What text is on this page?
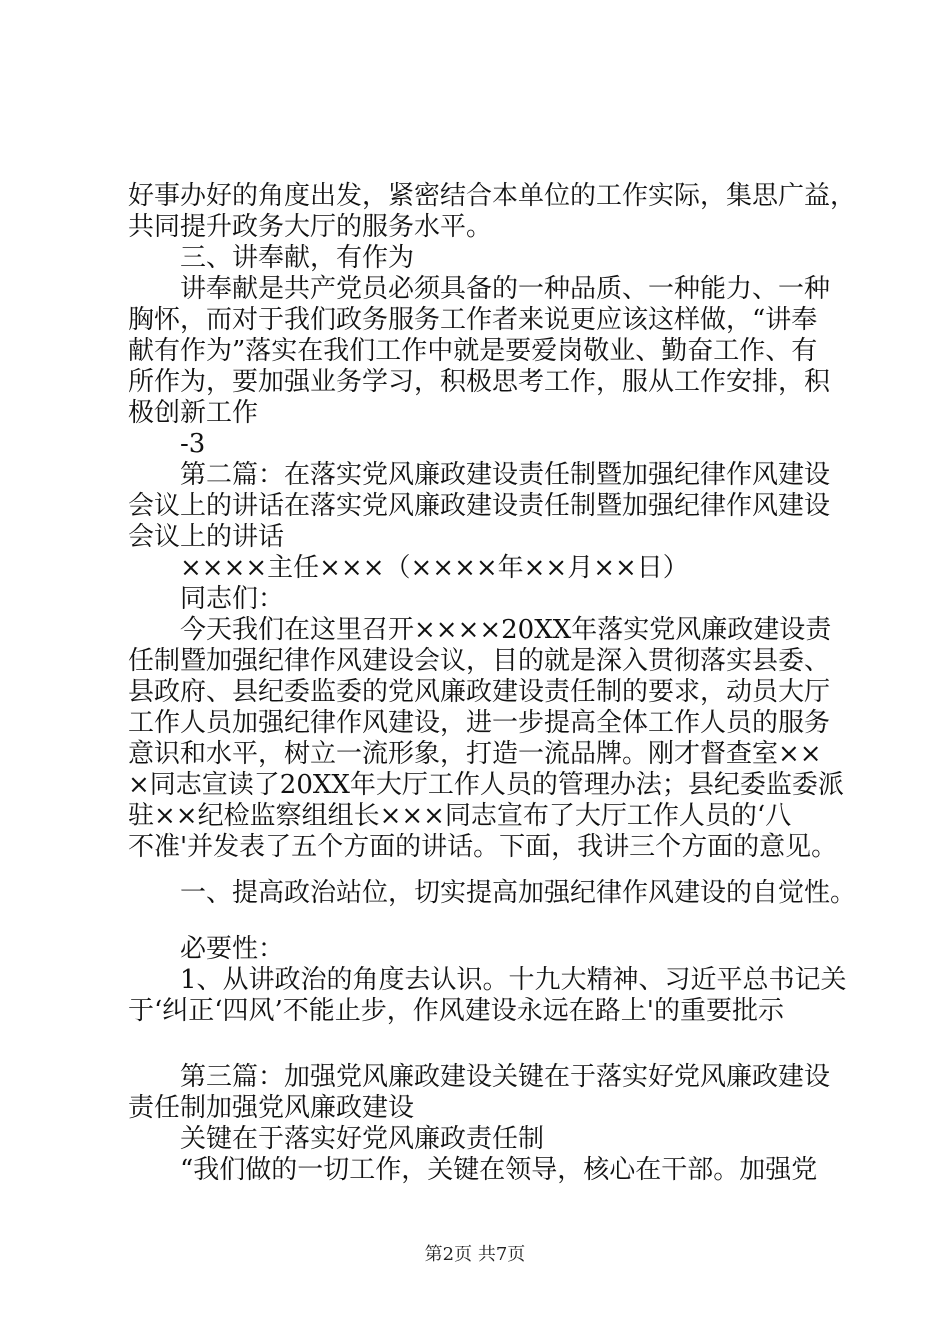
好事办好的角度出发，紧密结合本单位的工作实际，集思广益，
共同提升政务大厅的服务水平。
三、讲奉献，有作为
讲奉献是共产党员必须具备的一种品质、一种能力、一种
胸怀，而对于我们政务服务工作者来说更应该这样做，“讲奉
献有作为”落实在我们工作中就是要爱岗敬业、勤奋工作、有
所作为，要加强业务学习，积极思考工作，服从工作安排，积
极创新工作
-3
第二篇：在落实党风廉政建设责任制暨加强纪律作风建设
会议上的讲话在落实党风廉政建设责任制暨加强纪律作风建设
会议上的讲话
××××主任×××（××××年××月××日）
同志们：
今天我们在这里召开××××20XX年落实党风廉政建设责
任制暨加强纪律作风建设会议，目的就是深入贯彻落实县委、
县政府、县纪委监委的党风廉政建设责任制的要求，动员大厅
工作人员加强纪律作风建设，进一步提高全体工作人员的服务
意识和水平，树立一流形象，打造一流品牌。刚才督查室××
×同志宣读了20XX年大厅工作人员的管理办法；县纪委监委派
驻××纪检监察组组长×××同志宣布了大厅工作人员的‘八
不准'并发表了五个方面的讲话。下面，我讲三个方面的意见。
一、提高政治站位，切实提高加强纪律作风建设的自觉性。
必要性：
1、从讲政治的角度去认识。十九大精神、习近平总书记关
于‘纠正‘四风’不能止步，作风建设永远在路上'的重要批示
第三篇：加强党风廉政建设关键在于落实好党风廉政建设
责任制加强党风廉政建设
关键在于落实好党风廉政责任制
“我们做的一切工作，关键在领导，核心在干部。加强党
第2页 共7页
